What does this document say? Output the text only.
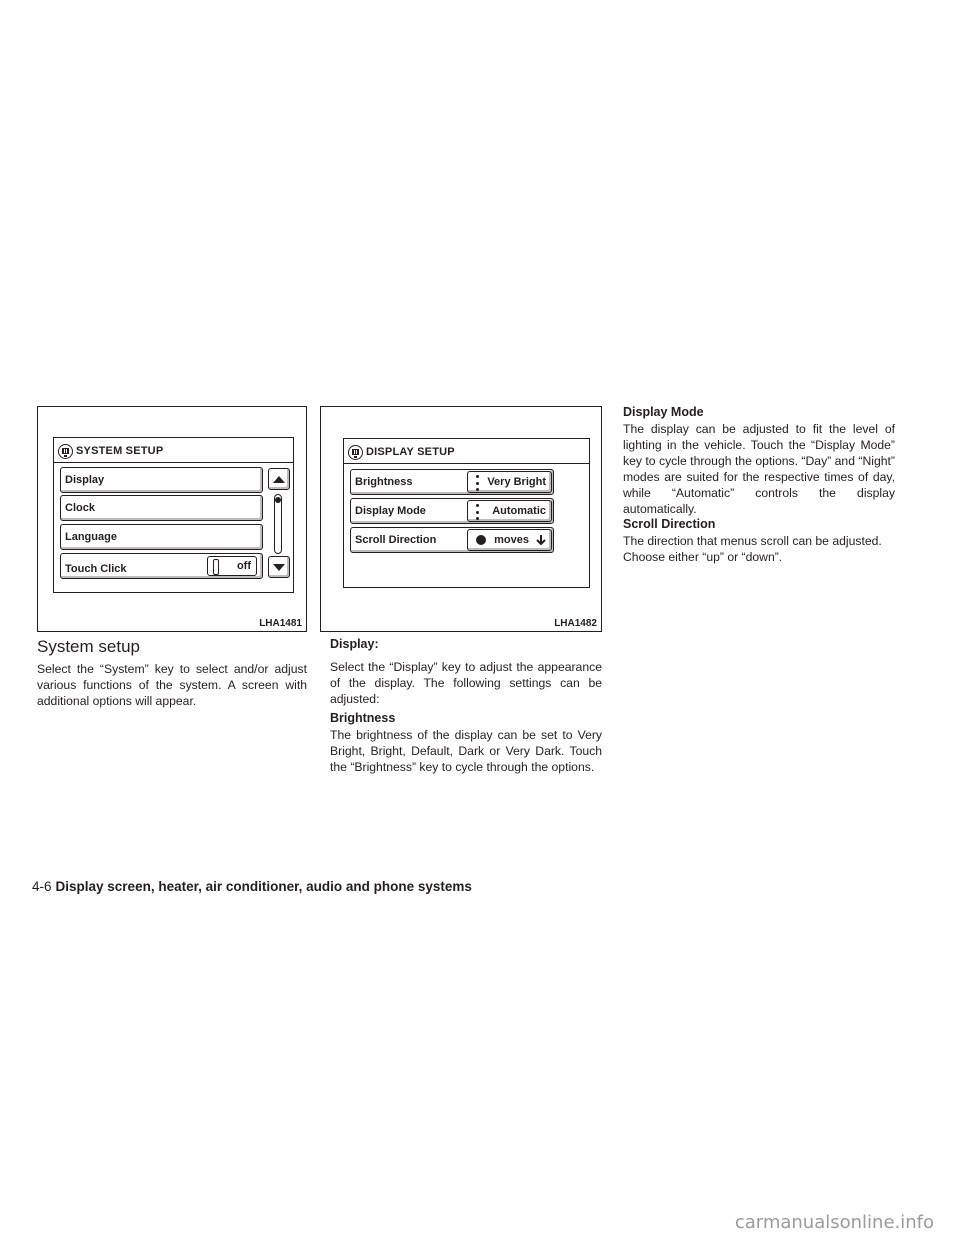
SYSTEM SETUP
Display
Clock
Language
Touch Click	off
LHA1481
DISPLAY SETUP
Brightness	Very Bright
Display Mode	Automatic
Scroll Direction	moves
LHA1482
System setup
Select the “System” key to select and/or adjust various functions of the system. A screen with additional options will appear.
Display:
Select the “Display” key to adjust the appearance of the display. The following settings can be adjusted:
Brightness
The brightness of the display can be set to Very Bright, Bright, Default, Dark or Very Dark. Touch the “Brightness” key to cycle through the options.
Display Mode
The display can be adjusted to fit the level of lighting in the vehicle. Touch the “Display Mode” key to cycle through the options. “Day” and “Night” modes are suited for the respective times of day, while “Automatic” controls the display automatically.
Scroll Direction
The direction that menus scroll can be adjusted. Choose either “up” or “down”.
4-6 Display screen, heater, air conditioner, audio and phone systems
carmanualsonline.info
